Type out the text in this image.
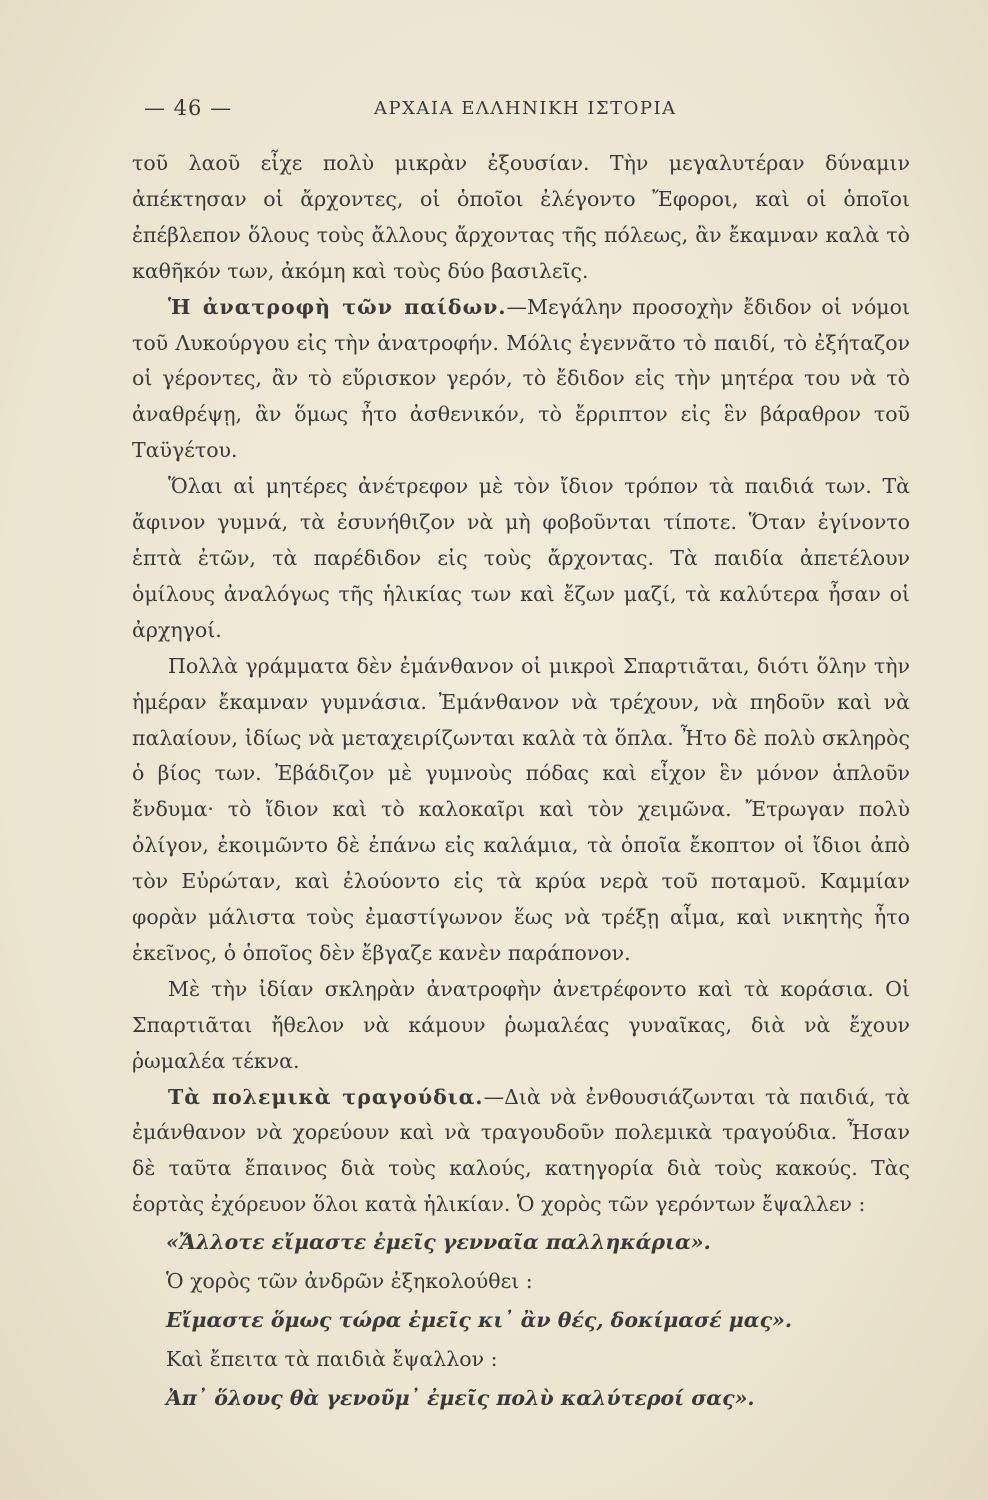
— 46 —	ΑΡΧΑΙΑ ΕΛΛΗΝΙΚΗ ΙΣΤΟΡΙΑ

τοῦ λαοῦ εἶχε πολὺ μικρὰν ἐξουσίαν. Τὴν μεγαλυτέραν δύναμιν ἀπέκτησαν οἱ ἄρχοντες, οἱ ὁποῖοι ἐλέγοντο Ἔφοροι, καὶ οἱ ὁποῖοι ἐπέβλεπον ὅλους τοὺς ἄλλους ἄρχοντας τῆς πόλεως, ἂν ἔκαμναν καλὰ τὸ καθῆκόν των, ἀκόμη καὶ τοὺς δύο βασιλεῖς.

Ἡ ἀνατροφὴ τῶν παίδων.—Μεγάλην προσοχὴν ἔδιδον οἱ νόμοι τοῦ Λυκούργου εἰς τὴν ἀνατροφήν. Μόλις ἐγεννᾶτο τὸ παιδί, τὸ ἐξήταζον οἱ γέροντες, ἂν τὸ εὕρισκον γερόν, τὸ ἔδιδον εἰς τὴν μητέρα του νὰ τὸ ἀναθρέψῃ, ἂν ὅμως ἦτο ἀσθενικόν, τὸ ἔρριπτον εἰς ἓν βάραθρον τοῦ Ταϋγέτου.

Ὅλαι αἱ μητέρες ἀνέτρεφον μὲ τὸν ἴδιον τρόπον τὰ παιδιά των. Τὰ ἄφινον γυμνά, τὰ ἐσυνήθιζον νὰ μὴ φοβοῦνται τίποτε. Ὅταν ἐγίνοντο ἑπτὰ ἐτῶν, τὰ παρέδιδον εἰς τοὺς ἄρχοντας. Τὰ παιδία ἀπετέλουν ὁμίλους ἀναλόγως τῆς ἡλικίας των καὶ ἔζων μαζί, τὰ καλύτερα ἦσαν οἱ ἀρχηγοί.

Πολλὰ γράμματα δὲν ἐμάνθανον οἱ μικροὶ Σπαρτιᾶται, διότι ὅλην τὴν ἡμέραν ἔκαμναν γυμνάσια. Ἐμάνθανον νὰ τρέχουν, νὰ πηδοῦν καὶ νὰ παλαίουν, ἰδίως νὰ μεταχειρίζωνται καλὰ τὰ ὅπλα. Ἦτο δὲ πολὺ σκληρὸς ὁ βίος των. Ἐβάδιζον μὲ γυμνοὺς πόδας καὶ εἶχον ἓν μόνον ἁπλοῦν ἔνδυμα· τὸ ἴδιον καὶ τὸ καλοκαῖρι καὶ τὸν χειμῶνα. Ἔτρωγαν πολὺ ὀλίγον, ἐκοιμῶντο δὲ ἐπάνω εἰς καλάμια, τὰ ὁποῖα ἔκοπτον οἱ ἴδιοι ἀπὸ τὸν Εὐρώταν, καὶ ἐλούοντο εἰς τὰ κρύα νερὰ τοῦ ποταμοῦ. Καμμίαν φορὰν μάλιστα τοὺς ἐμαστίγωνον ἕως νὰ τρέξῃ αἷμα, καὶ νικητὴς ἦτο ἐκεῖνος, ὁ ὁποῖος δὲν ἔβγαζε κανὲν παράπονον.

Μὲ τὴν ἰδίαν σκληρὰν ἀνατροφὴν ἀνετρέφοντο καὶ τὰ κοράσια. Οἱ Σπαρτιᾶται ἤθελον νὰ κάμουν ῥωμαλέας γυναῖκας, διὰ νὰ ἔχουν ῥωμαλέα τέκνα.

Τὰ πολεμικὰ τραγούδια.—Διὰ νὰ ἐνθουσιάζωνται τὰ παιδιά, τὰ ἐμάνθανον νὰ χορεύουν καὶ νὰ τραγουδοῦν πολεμικὰ τραγούδια. Ἦσαν δὲ ταῦτα ἔπαινος διὰ τοὺς καλούς, κατηγορία διὰ τοὺς κακούς. Τὰς ἑορτὰς ἐχόρευον ὅλοι κατὰ ἡλικίαν. Ὁ χορὸς τῶν γερόντων ἔψαλλεν :

«Ἄλλοτε εἴμαστε ἐμεῖς γενναῖα παλληκάρια».

Ὁ χορὸς τῶν ἀνδρῶν ἐξηκολούθει :

Εἴμαστε ὅμως τώρα ἐμεῖς κι᾿ ἂν θές, δοκίμασέ μας».

Καὶ ἔπειτα τὰ παιδιὰ ἔψαλλον :

Ἀπ᾿ ὅλους θὰ γενοῦμ᾿ ἐμεῖς πολὺ καλύτεροί σας».
